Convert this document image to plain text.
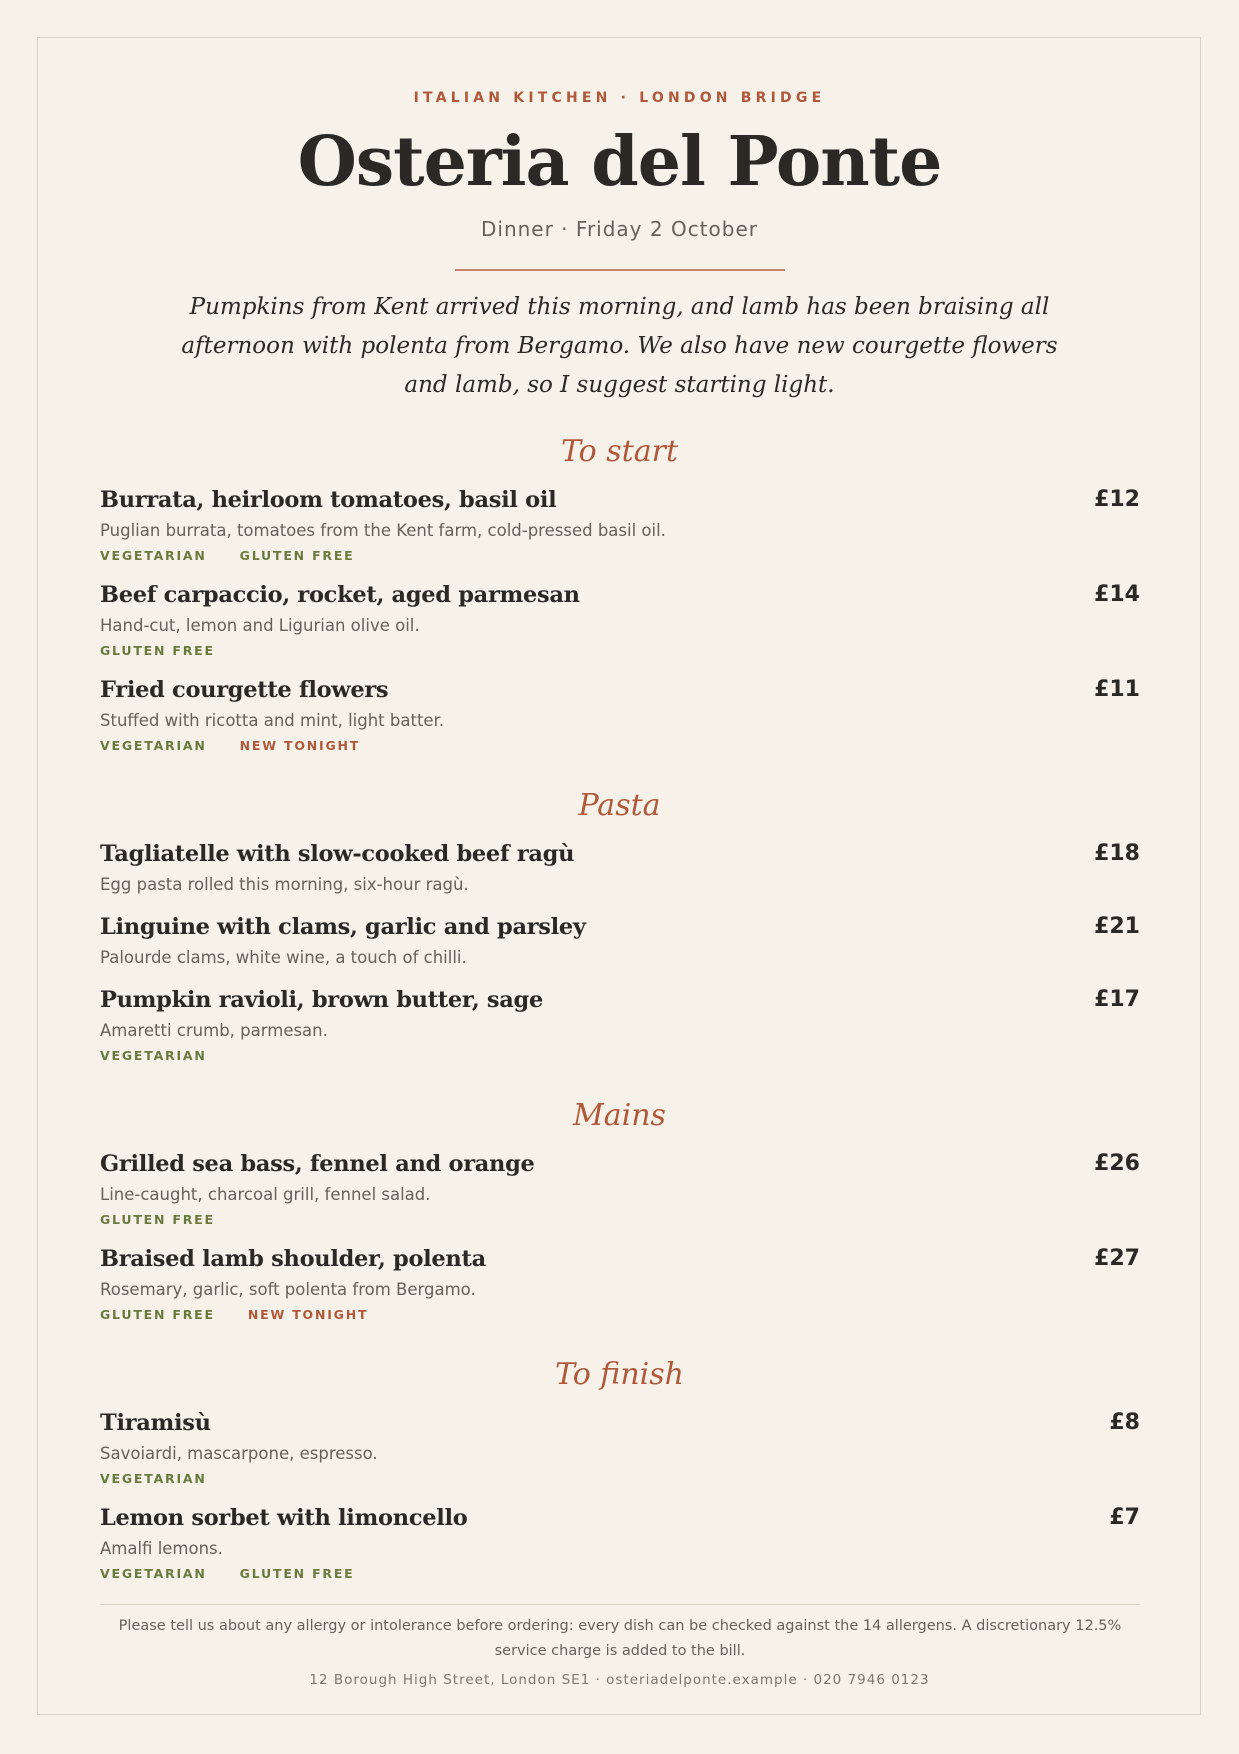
ITALIAN KITCHEN · LONDON BRIDGE
Osteria del Ponte
Dinner · Friday 2 October
Pumpkins from Kent arrived this morning, and lamb has been braising all afternoon with polenta from Bergamo. We also have new courgette flowers and lamb, so I suggest starting light.
To start
Burrata, heirloom tomatoes, basil oil	£12
Puglian burrata, tomatoes from the Kent farm, cold-pressed basil oil.
VEGETARIAN	GLUTEN FREE
Beef carpaccio, rocket, aged parmesan	£14
Hand-cut, lemon and Ligurian olive oil.
GLUTEN FREE
Fried courgette flowers	£11
Stuffed with ricotta and mint, light batter.
VEGETARIAN	NEW TONIGHT
Pasta
Tagliatelle with slow-cooked beef ragù	£18
Egg pasta rolled this morning, six-hour ragù.
Linguine with clams, garlic and parsley	£21
Palourde clams, white wine, a touch of chilli.
Pumpkin ravioli, brown butter, sage	£17
Amaretti crumb, parmesan.
VEGETARIAN
Mains
Grilled sea bass, fennel and orange	£26
Line-caught, charcoal grill, fennel salad.
GLUTEN FREE
Braised lamb shoulder, polenta	£27
Rosemary, garlic, soft polenta from Bergamo.
GLUTEN FREE	NEW TONIGHT
To finish
Tiramisù	£8
Savoiardi, mascarpone, espresso.
VEGETARIAN
Lemon sorbet with limoncello	£7
Amalfi lemons.
VEGETARIAN	GLUTEN FREE
Please tell us about any allergy or intolerance before ordering: every dish can be checked against the 14 allergens. A discretionary 12.5% service charge is added to the bill.
12 Borough High Street, London SE1 · osteriadelponte.example · 020 7946 0123
